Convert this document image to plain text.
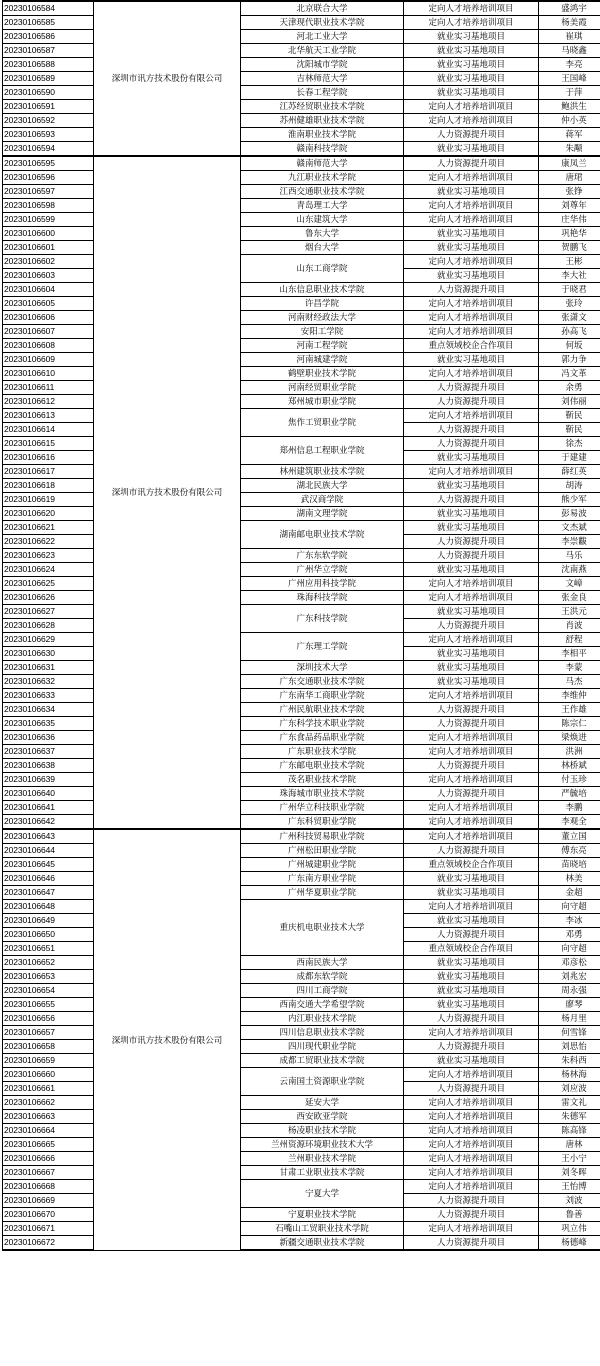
20230106584	深圳市讯方技术股份有限公司	北京联合大学	定向人才培养培训项目	盛鸿宇
20230106585		天津现代职业技术学院	定向人才培养培训项目	杨美霞
20230106586		河北工业大学	就业实习基地项目	崔琪
20230106587		北华航天工业学院	就业实习基地项目	马晓鑫
20230106588		沈阳城市学院	就业实习基地项目	李亮
20230106589		吉林师范大学	就业实习基地项目	王国峰
20230106590		长春工程学院	就业实习基地项目	于萍
20230106591		江苏经贸职业技术学院	定向人才培养培训项目	鲍洪生
20230106592		苏州健雄职业技术学院	定向人才培养培训项目	仲小英
20230106593		淮南职业技术学院	人力资源提升项目	蒋军
20230106594		赣南科技学院	就业实习基地项目	朱颙
20230106595	深圳市讯方技术股份有限公司	赣南师范大学	人力资源提升项目	康凤兰
20230106596		九江职业技术学院	定向人才培养培训项目	唐珺
20230106597		江西交通职业技术学院	就业实习基地项目	张铮
20230106598		青岛理工大学	定向人才培养培训项目	刘尊年
20230106599		山东建筑大学	定向人才培养培训项目	庄华伟
20230106600		鲁东大学	就业实习基地项目	巩艳华
20230106601		烟台大学	就业实习基地项目	贺鹏飞
20230106602		山东工商学院	定向人才培养培训项目	王彬
20230106603			就业实习基地项目	李大社
20230106604		山东信息职业技术学院	人力资源提升项目	于晓君
20230106605		许昌学院	定向人才培养培训项目	张玲
20230106606		河南财经政法大学	定向人才培养培训项目	张潇文
20230106607		安阳工学院	定向人才培养培训项目	孙高飞
20230106608		河南工程学院	重点领域校企合作项目	何坂
20230106609		河南城建学院	就业实习基地项目	郭力争
20230106610		鹤壁职业技术学院	定向人才培养培训项目	冯文革
20230106611		河南经贸职业学院	人力资源提升项目	余勇
20230106612		郑州城市职业学院	人力资源提升项目	刘伟丽
20230106613		焦作工贸职业学院	定向人才培养培训项目	靳民
20230106614			人力资源提升项目	靳民
20230106615		郑州信息工程职业学院	人力资源提升项目	徐杰
20230106616			就业实习基地项目	于建建
20230106617		林州建筑职业技术学院	定向人才培养培训项目	薛红英
20230106618		湖北民族大学	就业实习基地项目	胡涛
20230106619		武汉商学院	人力资源提升项目	熊少军
20230106620		湖南文理学院	就业实习基地项目	彭易波
20230106621		湖南邮电职业技术学院	就业实习基地项目	文杰斌
20230106622			人力资源提升项目	李崇黻
20230106623		广东东软学院	人力资源提升项目	马乐
20230106624		广州华立学院	就业实习基地项目	沈南燕
20230106625		广州应用科技学院	定向人才培养培训项目	文嶂
20230106626		珠海科技学院	定向人才培养培训项目	张金良
20230106627		广东科技学院	就业实习基地项目	王洪元
20230106628			人力资源提升项目	肖波
20230106629		广东理工学院	定向人才培养培训项目	舒程
20230106630			就业实习基地项目	李相平
20230106631		深圳技术大学	就业实习基地项目	李蒙
20230106632		广东交通职业技术学院	就业实习基地项目	马杰
20230106633		广东南华工商职业学院	定向人才培养培训项目	李维仲
20230106634		广州民航职业技术学院	人力资源提升项目	王作雄
20230106635		广东科学技术职业学院	人力资源提升项目	陈宗仁
20230106636		广东食品药品职业学院	定向人才培养培训项目	梁焕进
20230106637		广东职业技术学院	定向人才培养培训项目	洪洲
20230106638		广东邮电职业技术学院	人力资源提升项目	林桥斌
20230106639		茂名职业技术学院	定向人才培养培训项目	付玉珍
20230106640		珠海城市职业技术学院	人力资源提升项目	严毓培
20230106641		广州华立科技职业学院	定向人才培养培训项目	李鹏
20230106642		广东科贸职业学院	定向人才培养培训项目	李观全
20230106643	深圳市讯方技术股份有限公司	广州科技贸易职业学院	定向人才培养培训项目	董立国
20230106644		广州松田职业学院	人力资源提升项目	傅东亮
20230106645		广州城建职业学院	重点领域校企合作项目	苗晓培
20230106646		广东南方职业学院	就业实习基地项目	林美
20230106647		广州华夏职业学院	就业实习基地项目	金超
20230106648		重庆机电职业技术大学	定向人才培养培训项目	向守超
20230106649			就业实习基地项目	李冰
20230106650			人力资源提升项目	邓勇
20230106651			重点领域校企合作项目	向守超
20230106652		西南民族大学	就业实习基地项目	邓彦松
20230106653		成都东软学院	就业实习基地项目	刘兆宏
20230106654		四川工商学院	就业实习基地项目	周永强
20230106655		西南交通大学希望学院	就业实习基地项目	廖琴
20230106656		内江职业技术学院	人力资源提升项目	杨月里
20230106657		四川信息职业技术学院	定向人才培养培训项目	何雪锋
20230106658		四川现代职业学院	人力资源提升项目	刘思怡
20230106659		成都工贸职业技术学院	就业实习基地项目	朱科西
20230106660		云南国土资源职业学院	定向人才培养培训项目	杨林海
20230106661			人力资源提升项目	刘应波
20230106662		延安大学	定向人才培养培训项目	雷文礼
20230106663		西安欧亚学院	定向人才培养培训项目	朱德军
20230106664		杨凌职业技术学院	定向人才培养培训项目	陈高锋
20230106665		兰州资源环境职业技术大学	定向人才培养培训项目	唐林
20230106666		兰州职业技术学院	定向人才培养培训项目	王小宁
20230106667		甘肃工业职业技术学院	定向人才培养培训项目	刘冬晖
20230106668		宁夏大学	定向人才培养培训项目	王怡博
20230106669			人力资源提升项目	刘波
20230106670		宁夏职业技术学院	人力资源提升项目	鲁善
20230106671		石嘴山工贸职业技术学院	定向人才培养培训项目	巩立伟
20230106672		新疆交通职业技术学院	人力资源提升项目	杨德峰
